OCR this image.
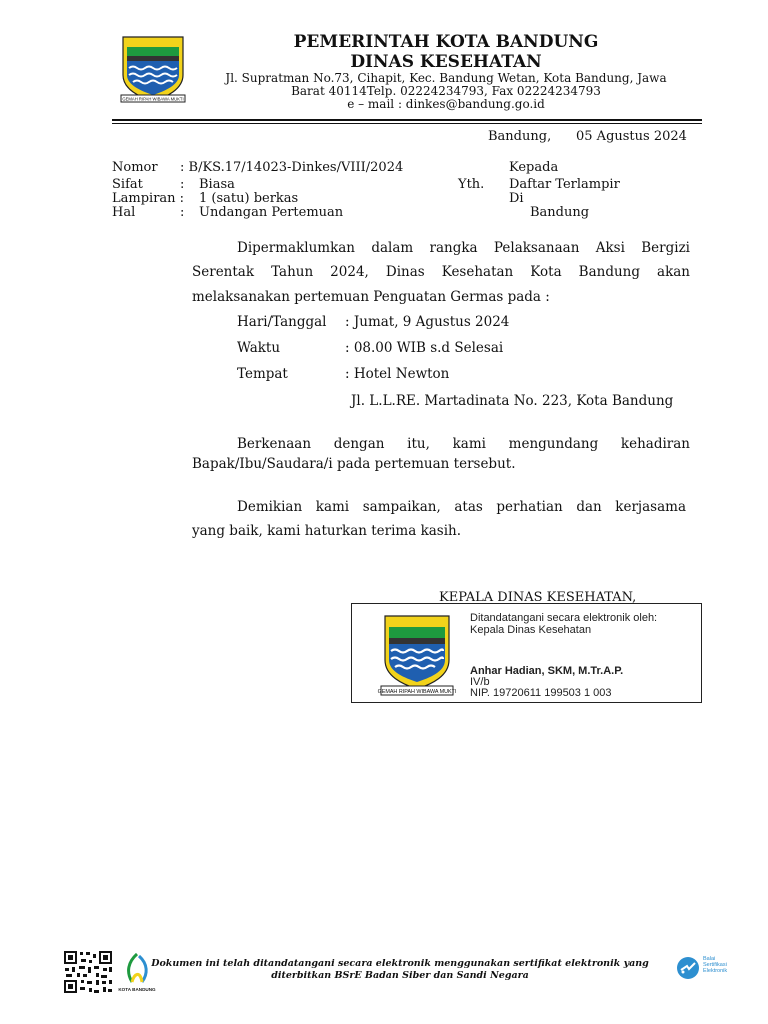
GEMAH RIPAH WIBAWA MUKTI
PEMERINTAH KOTA BANDUNG
DINAS KESEHATAN
Jl. Supratman No.73, Cihapit, Kec. Bandung Wetan, Kota Bandung, Jawa
Barat 40114Telp. 02224234793, Fax 02224234793
e – mail : dinkes@bandung.go.id
Bandung, 05 Agustus 2024
Nomor : B/KS.17/14023-Dinkes/VIII/2024
Sifat	: Biasa
Lampiran : 1 (satu) berkas
Hal	: Undangan Pertemuan
Kepada
Yth. Daftar Terlampir
Di
Bandung
Dipermaklumkan dalam rangka Pelaksanaan Aksi Bergizi
Serentak Tahun 2024, Dinas Kesehatan Kota Bandung akan
melaksanakan pertemuan Penguatan Germas pada :
Hari/Tanggal : Jumat, 9 Agustus 2024
Waktu	: 08.00 WIB s.d Selesai
Tempat	: Hotel Newton
Jl. L.L.RE. Martadinata No. 223, Kota Bandung
Berkenaan dengan itu, kami mengundang kehadiran
Bapak/Ibu/Saudara/i pada pertemuan tersebut.
Demikian kami sampaikan, atas perhatian dan kerjasama
yang baik, kami haturkan terima kasih.
KEPALA DINAS KESEHATAN,
GEMAH RIPAH WIBAWA MUKTI
Ditandatangani secara elektronik oleh:
Kepala Dinas Kesehatan
Anhar Hadian, SKM, M.Tr.A.P.
IV/b
NIP. 19720611 199503 1 003
KOTA BANDUNG
Dokumen ini telah ditandatangani secara elektronik menggunakan sertifikat elektronik yang
diterbitkan BSrE Badan Siber dan Sandi Negara
Balai
Sertifikasi
Elektronik
